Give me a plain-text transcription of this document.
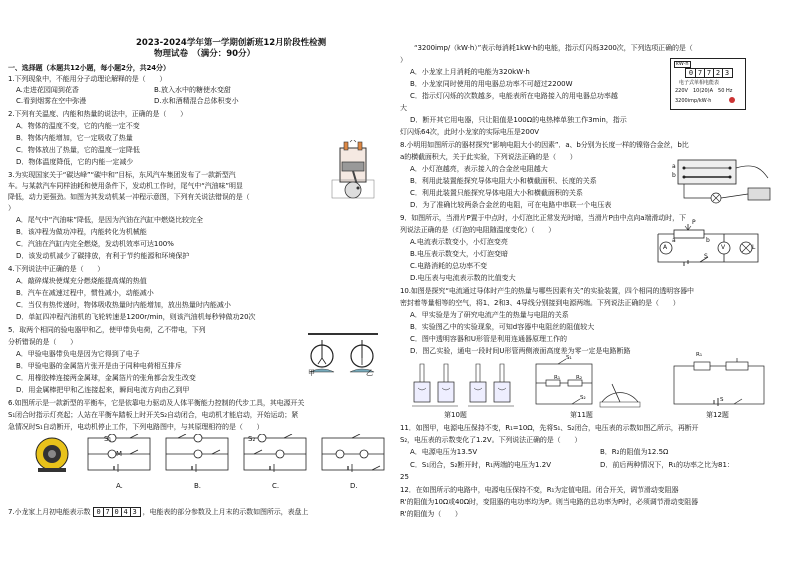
2023-2024学年第一学期创新班12月阶段性检测
物理试卷　（满分：90分）
一、选择题（本题共12小题，每小题2分，共24分）
1.下列现象中，不能用分子动理论解释的是（　　）
A.走进花园闻到花香	B.放入水中的糖使水变甜
C.看到烟雾在空中弥漫	D.水和酒精混合总体积变小
2.下列有关温度、内能和热量的说法中，正确的是（　　）
A．物体的温度不变，它的内能一定不变
B．物体内能增加，它一定吸收了热量
C．物体放出了热量，它的温度一定降低
D．物体温度降低，它的内能一定减少
3.为实现国家关于“碳达峰”“碳中和”目标，东风汽车集团发布了一款新型汽
车。与某款汽车同样油耗和使用条件下，发动机工作时，尾气中“汽油味”明显
降低，动力更强劲。如图为其发动机某一冲程示意图，下列有关说法错误的是（
）
A．尾气中“汽油味”降低，是因为汽油在汽缸中燃烧比较完全
B．该冲程为做功冲程，内能转化为机械能
C．汽油在汽缸内完全燃烧，发动机效率可达100%
D．该发动机减少了碳排放，有利于节约能源和环境保护
4.下列说法中正确的是（　　）
A．敲碎煤块使煤充分燃烧能提高煤的热值
B．汽车在减速过程中，惯性减小，动能减小
C．当仅有热传递时，物体吸收热量时内能增加，放出热量时内能减小
D．单缸四冲程汽油机的飞轮转速是1200r/min，则该汽油机每秒钟做功20次
5．取两个相同的验电器甲和乙，使甲带负电荷，乙不带电，下列
分析错误的是（　　）
A．甲验电器带负电是因为它得到了电子
B．甲验电器的金属箔片张开是由于同种电荷相互排斥
C．用橡胶棒连接两金属球，金属箔片的张角都会发生改变
D．用金属棒把甲和乙连接起来，瞬间电流方向由乙到甲
甲	乙
6.如图所示是一款新型的平衡车，它是依靠电力驱动及人体平衡能力控制的代步工具，其电源开关
S₁闭合时指示灯亮起；人站在平衡车踏板上时开关S₂自动闭合，电动机才能启动，开始运动；紧
急情况时S₁自动断开，电动机停止工作，下列电路图中，与其原理相符的是（　　）
S₁	S₂
M
A.	B.	C.	D.
7.小龙家上月初电能表示数 0 7 0 4 3 ，电能表的部分参数及上月末的示数如图所示，表盘上
“3200imp/（kW·h）”表示每消耗1kW·h的电能，指示灯闪烁3200次，下列选项正确的是（
）
A．小龙家上月消耗的电能为320kW·h
B．小龙家同时使用的用电器总功率不可超过2200W
C．指示灯闪烁的次数越多，电能表所在电路接入的用电器总功率越
大
D．断开其它用电器，只让阻值是100Ω的电热棒单独工作3min，指示
灯闪烁64次，此时小龙家的实际电压是200V
kW·h
0 7 7 2 3
电子式单相电能表
220V　10(20)A　50 Hz
3200imp/kW·h
8.小明用如图所示的器材探究“影响电阻大小的因素”．a、b分别为长度一样的镍铬合金丝，b比
a的横截面积大，关于此实验，下列说法正确的是（　　）
A．小灯泡越亮，表示接入的合金丝电阻越大
B．利用此装置能探究导体电阻大小和横截面积、长度的关系
C．利用此装置只能探究导体电阻大小和横截面积的关系
D．为了准确比较两条合金丝的电阻，可在电路中串联一个电压表
a
b
9．如图所示，当滑片P置于中点时，小灯泡比正常发光时暗，当滑片P由中点向a端滑动时，下
列说法正确的是（灯泡的电阻随温度变化）（　　）
A.电流表示数变小，小灯泡变亮
B.电压表示数变大，小灯泡变暗
C.电路消耗的总功率不变
D.电压表与电流表示数的比值变大
P
a	b
V
A	L
S
10.如图是探究“电流通过导体时产生的热量与哪些因素有关”的实验装置，四个相同的透明容器中
密封着等量相等的空气，将1、2和3、4导线分别接到电源两端。下列说法正确的是（　　）
A．甲实验是为了研究电流产生的热量与电阻的关系
B．实验图乙中的实验现象，可知d容器中电阻丝的阻值较大
C．图中透明容器和U形管是利用连通器原理工作的
D．图乙实验，通电一段时间U形管两侧液面高度差为零一定是电路断路
R₁	R₂
S₁
S₂
R₁
S
第10题	第11题	第12题
11．如图甲，电源电压保持不变，R₁=10Ω，先将S₁、S₂闭合，电压表的示数如图乙所示，再断开
S₂，电压表的示数变化了1.2V。下列说法正确的是（　　）
A．电源电压为13.5V	B．R₂的阻值为12.5Ω
C．S₁闭合，S₂断开时，R₁两端的电压为1.2V	D．前后两种情况下，R₁的功率之比为81：
25
12．在如图所示的电路中，电源电压保持不变，R₁为定值电阻。闭合开关，调节滑动变阻器
R'的阻值为10Ω或40Ω时，变阻器的电功率均为P。则当电路的总功率为P时，必须调节滑动变阻器
R'的阻值为（　　）
